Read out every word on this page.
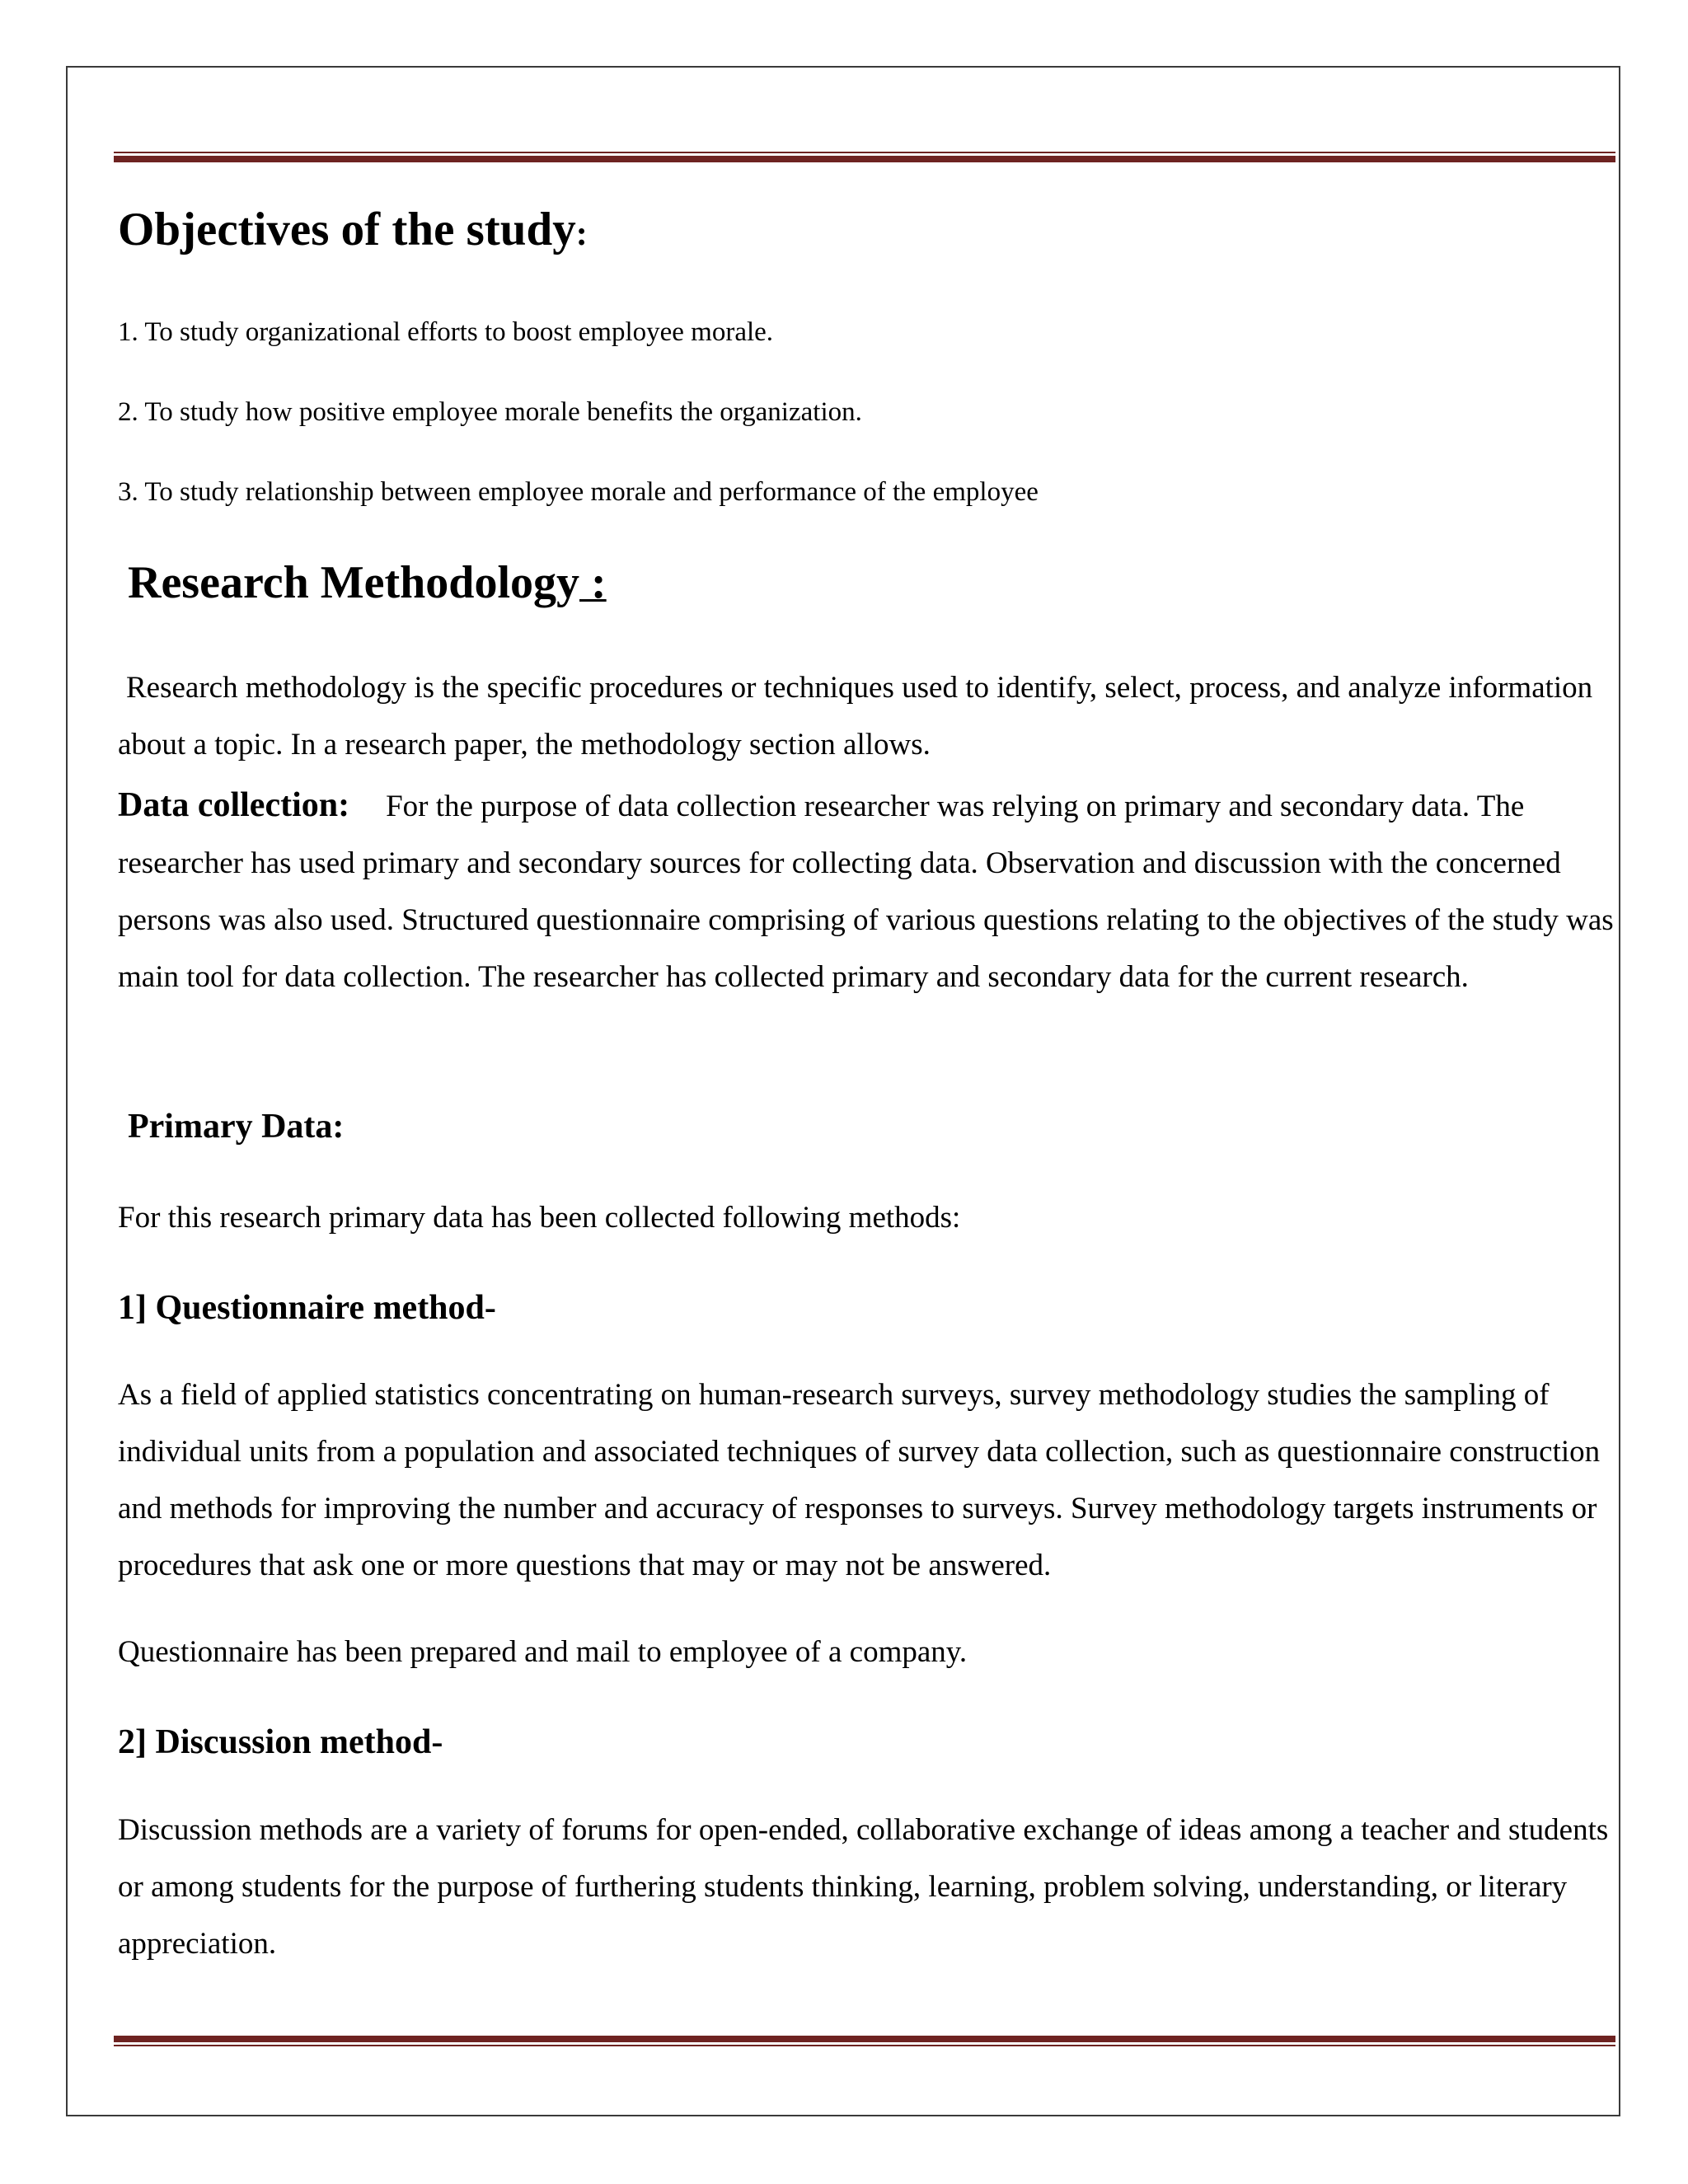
Objectives of the study:

1. To study organizational efforts to boost employee morale.

2. To study how positive employee morale benefits the organization.

3. To study relationship between employee morale and performance of the employee

Research Methodology :

Research methodology is the specific procedures or techniques used to identify, select, process, and analyze information about a topic. In a research paper, the methodology section allows.

Data collection: For the purpose of data collection researcher was relying on primary and secondary data. The researcher has used primary and secondary sources for collecting data. Observation and discussion with the concerned persons was also used. Structured questionnaire comprising of various questions relating to the objectives of the study was main tool for data collection. The researcher has collected primary and secondary data for the current research.

Primary Data:

For this research primary data has been collected following methods:

1] Questionnaire method-

As a field of applied statistics concentrating on human-research surveys, survey methodology studies the sampling of individual units from a population and associated techniques of survey data collection, such as questionnaire construction and methods for improving the number and accuracy of responses to surveys. Survey methodology targets instruments or procedures that ask one or more questions that may or may not be answered.

Questionnaire has been prepared and mail to employee of a company.

2] Discussion method-

Discussion methods are a variety of forums for open-ended, collaborative exchange of ideas among a teacher and students or among students for the purpose of furthering students thinking, learning, problem solving, understanding, or literary appreciation.
